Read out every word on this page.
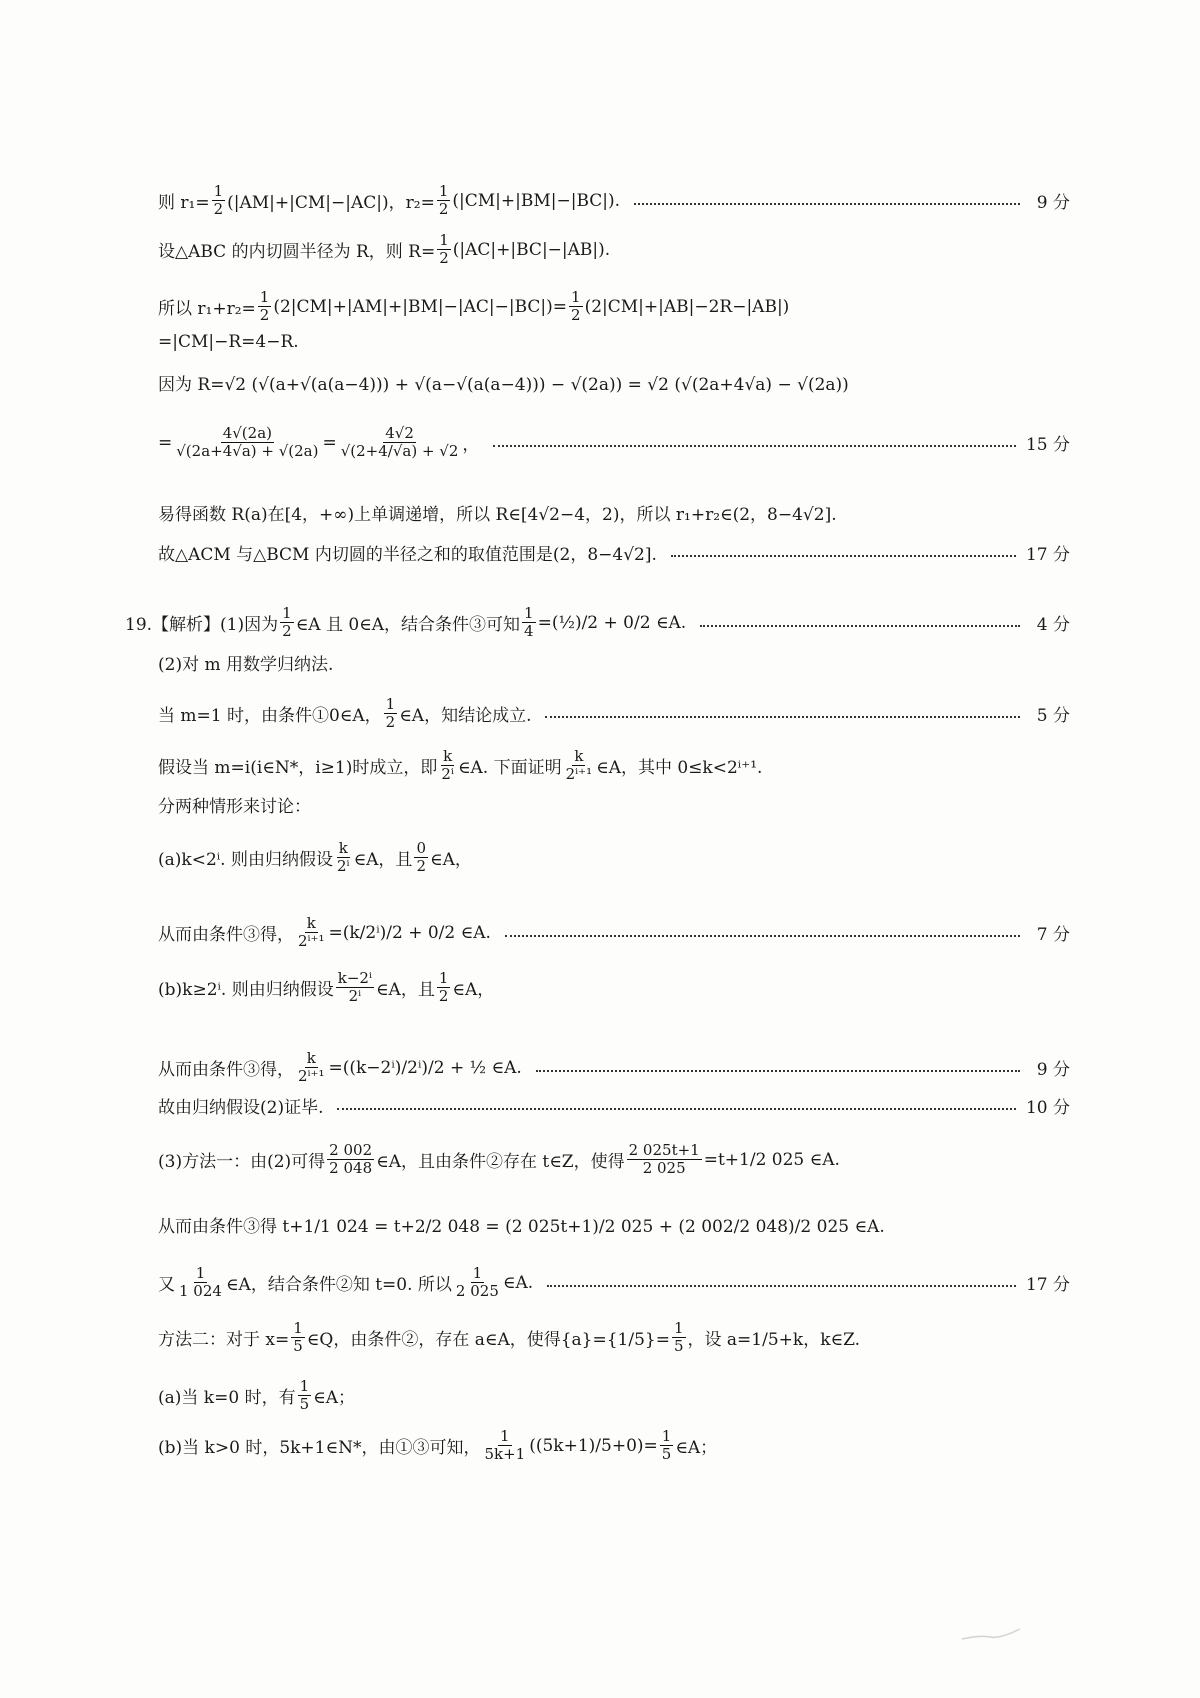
则 $r_1= \frac{1}{2} (|AM|+|CM|-|AC|)$，$r_2= \frac{1}{2} (|CM|+|BM|-|BC|)$.	9 分
设△ABC 的内切圆半径为 R，则 $R= \frac{1}{2} (|AC|+|BC|-|AB|)$.
所以 $r_1+r_2= \frac{1}{2} (2|CM|+|AM|+|BM|-|AC|-|BC|)= \frac{1}{2} (2|CM|+|AB|-2R-|AB|)$
=|CM|−R=4−R.
因为 R=√2 (√(a+√(a(a−4))) + √(a−√(a(a−4))) − √(2a)) = √2 (√(2a+4√a) − √(2a))
= $\frac{4√(2a)}{√(2a+4√a) + √(2a)} = \frac{4√2}{√(2+4/√a) + √2}$ ，	15 分
易得函数 R(a)在[4，+∞)上单调递增，所以 R∈[4√2−4，2)，所以 r₁+r₂∈(2，8−4√2].
故△ACM 与△BCM 内切圆的半径之和的取值范围是(2，8−4√2].	17 分
19.【解析】 (1)因为 $\frac{1}{2}$ ∈A 且 0∈A，结合条件③可知 $\frac{1}{4}$ =(½)/2 + 0/2 ∈A.	4 分
(2)对 m 用数学归纳法.
当 m=1 时，由条件①0∈A， $\frac{1}{2}$ ∈A，知结论成立.	5 分
假设当 m=i(i∈N*，i≥1)时成立，即 $\frac{k}{\text{2ⁱ}}$ ∈A. 下面证明 $\frac{k}{\text{2ⁱ⁺¹}}$ ∈A，其中 0≤k<2ⁱ⁺¹.
分两种情形来讨论：
(a)k<2ⁱ. 则由归纳假设 $\frac{k}{\text{2ⁱ}}$ ∈A，且 $\frac{0}{2}$ ∈A，
从而由条件③得， $\frac{k}{\text{2ⁱ⁺¹}} =(k/2^i)/2 + 0/2$ ∈A.	7 分
(b)k≥2ⁱ. 则由归纳假设 $\frac{\text{k−2ⁱ}}{\text{2ⁱ}}$ ∈A，且 $\frac{1}{2}$ ∈A，
从而由条件③得， $\frac{k}{\text{2ⁱ⁺¹}} =((k-2^i)/2^i)/2$ + ½ ∈A.	9 分
故由归纳假设(2)证毕.	10 分
(3)方法一：由(2)可得 $\frac{2 002}{2 048}$ ∈A，且由条件②存在 t∈Z，使得 $\frac{2 025t+1}{2 025} =t+1/2$ 025 ∈A.
从而由条件③得 t+1/1 024 = t+2/2 048 = (2 025t+1)/2 025 + (2 002/2 048)/2 025 ∈A.
又 $\frac{1}{1 024}$ ∈A，结合条件②知 t=0. 所以 $\frac{1}{2 025}$ ∈A.	17 分
方法二：对于 $x= \frac{1}{5}$ ∈Q，由条件②，存在 a∈A，使得$\{a\}=\{1/5\}= \frac{1}{5}$ ，设 a=1/5+k，k∈Z.
(a)当 k=0 时，有 $\frac{1}{5}$ ∈A；
(b)当 k>0 时，5k+1∈N*，由①③可知， $\frac{1}{5k+1} ((5k+1)/5+0)= \frac{1}{5}$ ∈A；
